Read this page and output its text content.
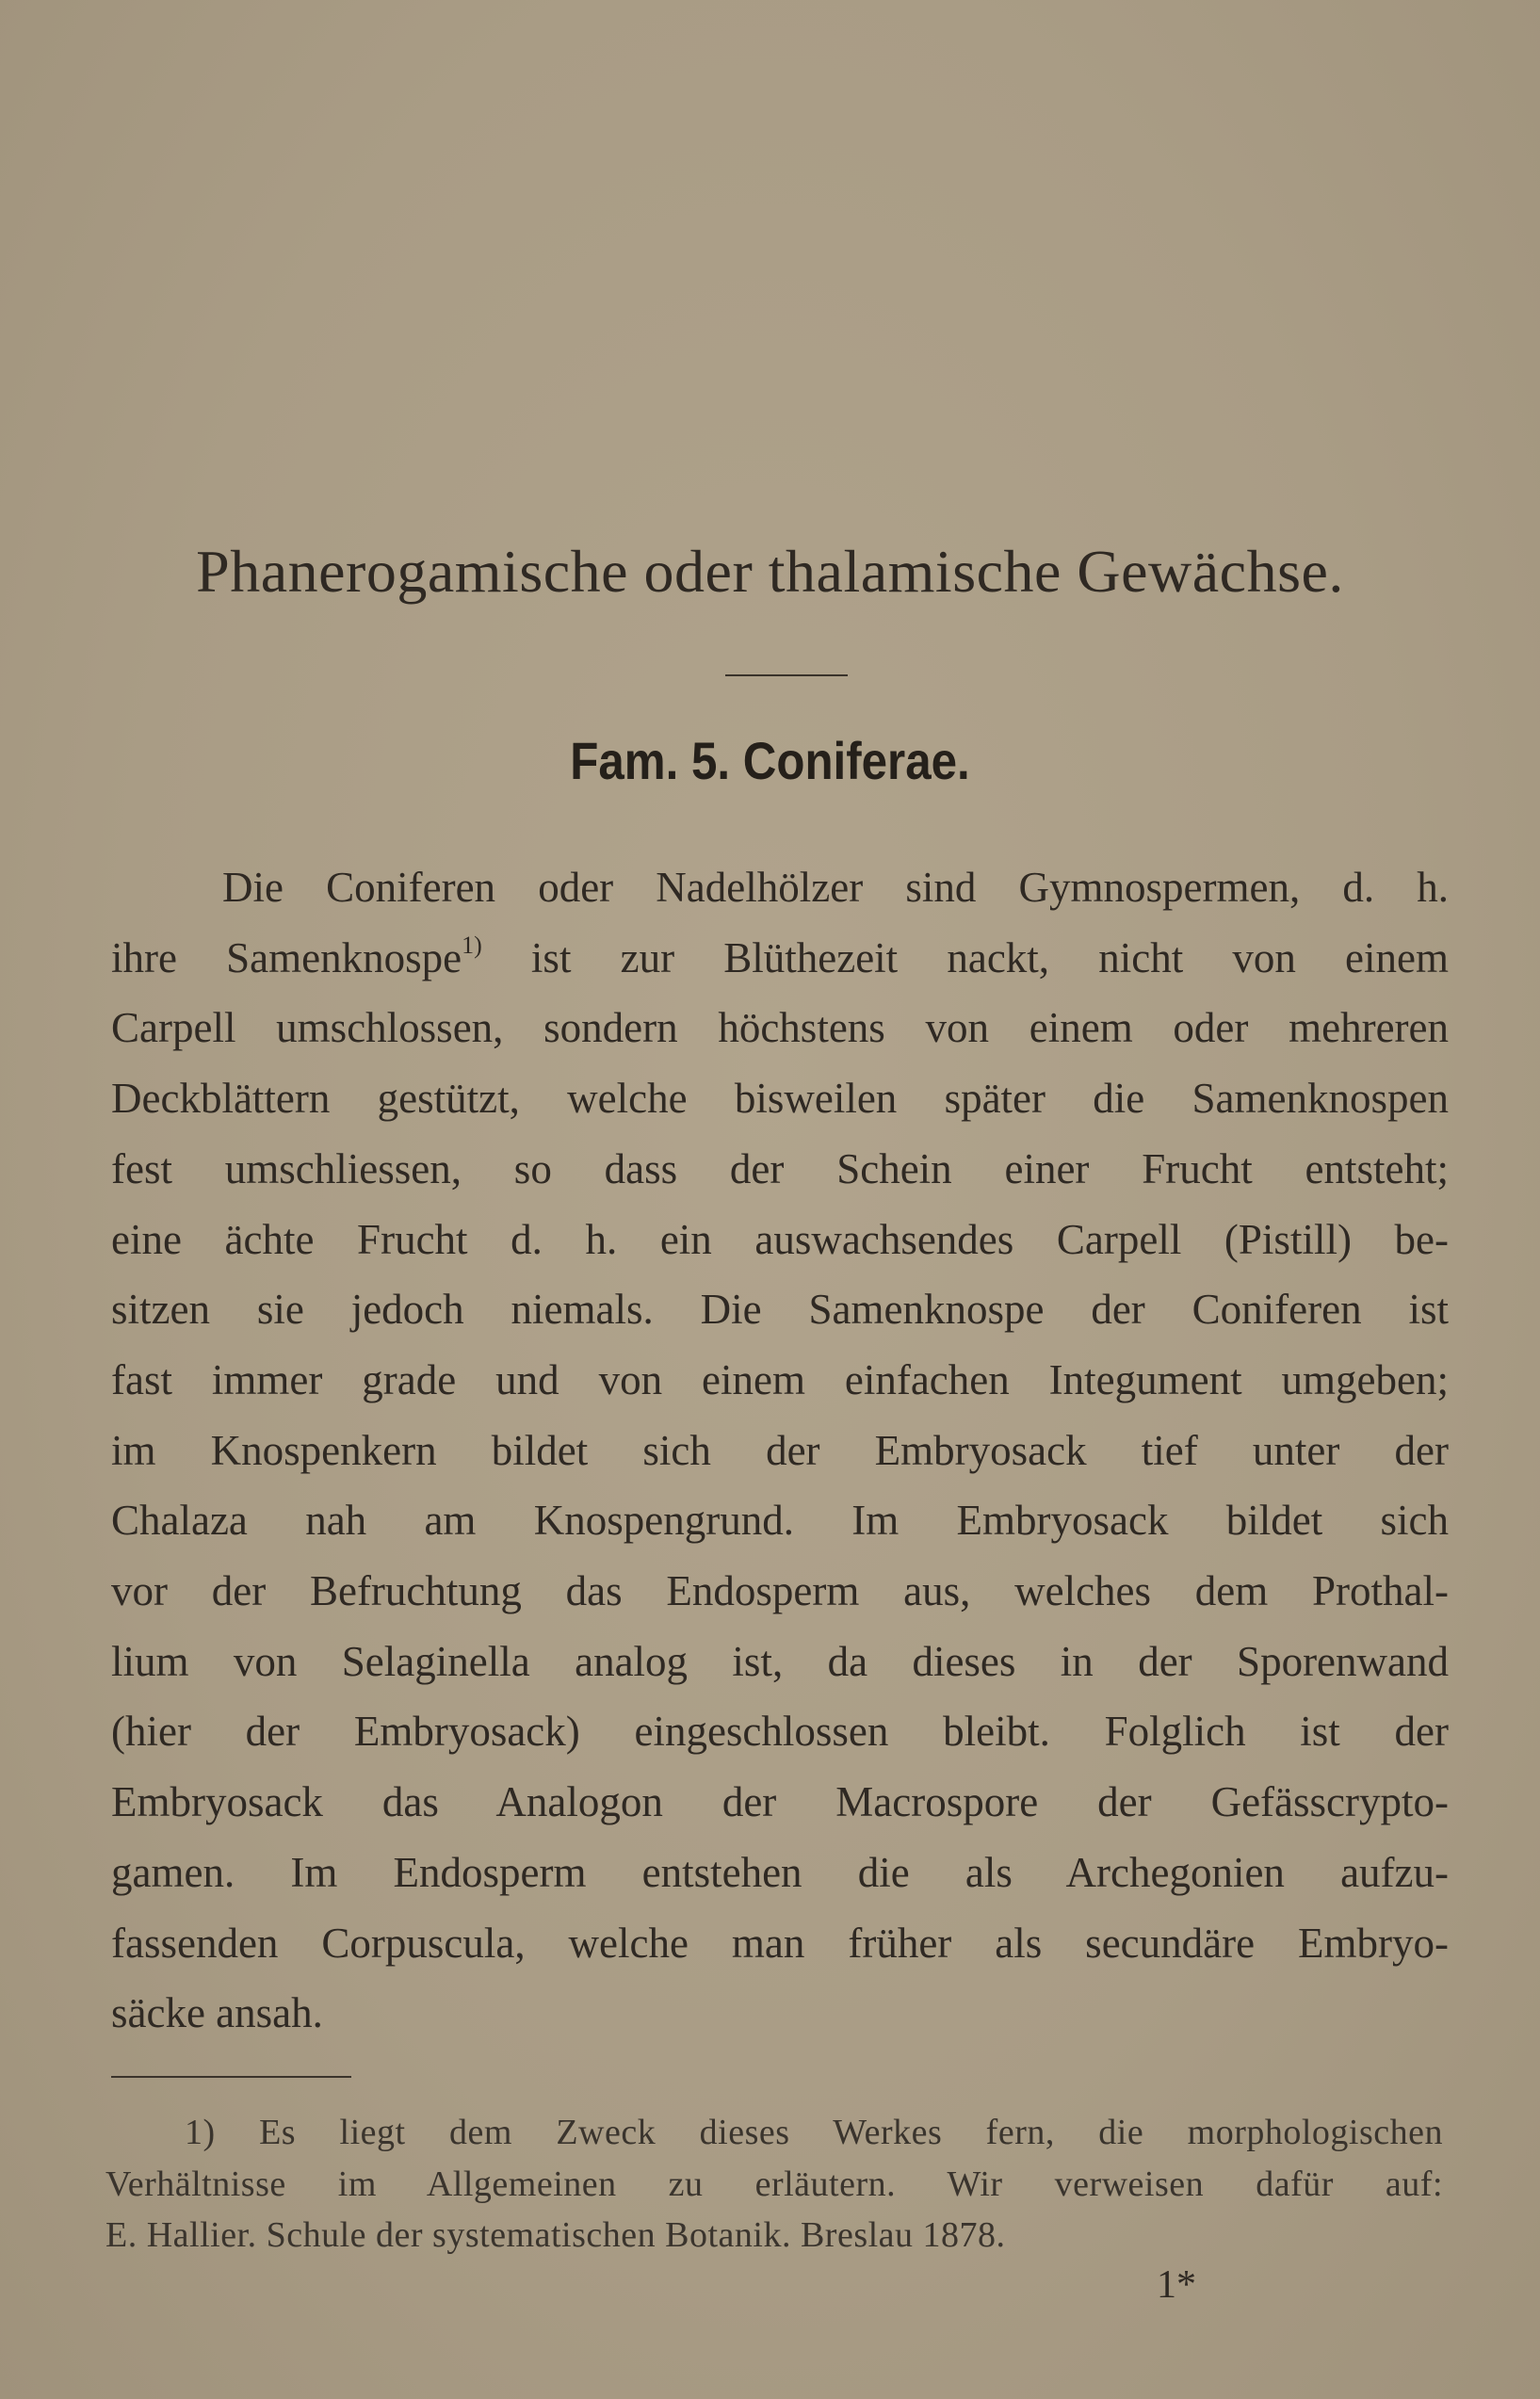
Phanerogamische oder thalamische Gewächse.
Fam. 5. Coniferae.
Die Coniferen oder Nadelhölzer sind Gymnospermen, d. h.
ihre Samenknospe$^{1)}$ ist zur Blüthezeit nackt, nicht von einem
Carpell umschlossen, sondern höchstens von einem oder mehreren
Deckblättern gestützt, welche bisweilen später die Samenknospen
fest umschliessen, so dass der Schein einer Frucht entsteht;
eine ächte Frucht d. h. ein auswachsendes Carpell (Pistill) be-
sitzen sie jedoch niemals. Die Samenknospe der Coniferen ist
fast immer grade und von einem einfachen Integument umgeben;
im Knospenkern bildet sich der Embryosack tief unter der
Chalaza nah am Knospengrund. Im Embryosack bildet sich
vor der Befruchtung das Endosperm aus, welches dem Prothal-
lium von Selaginella analog ist, da dieses in der Sporenwand
(hier der Embryosack) eingeschlossen bleibt. Folglich ist der
Embryosack das Analogon der Macrospore der Gefässcrypto-
gamen. Im Endosperm entstehen die als Archegonien aufzu-
fassenden Corpuscula, welche man früher als secundäre Embryo-
säcke ansah.
1) Es liegt dem Zweck dieses Werkes fern, die morphologischen
Verhältnisse im Allgemeinen zu erläutern. Wir verweisen dafür auf:
E. Hallier. Schule der systematischen Botanik. Breslau 1878.
1*
